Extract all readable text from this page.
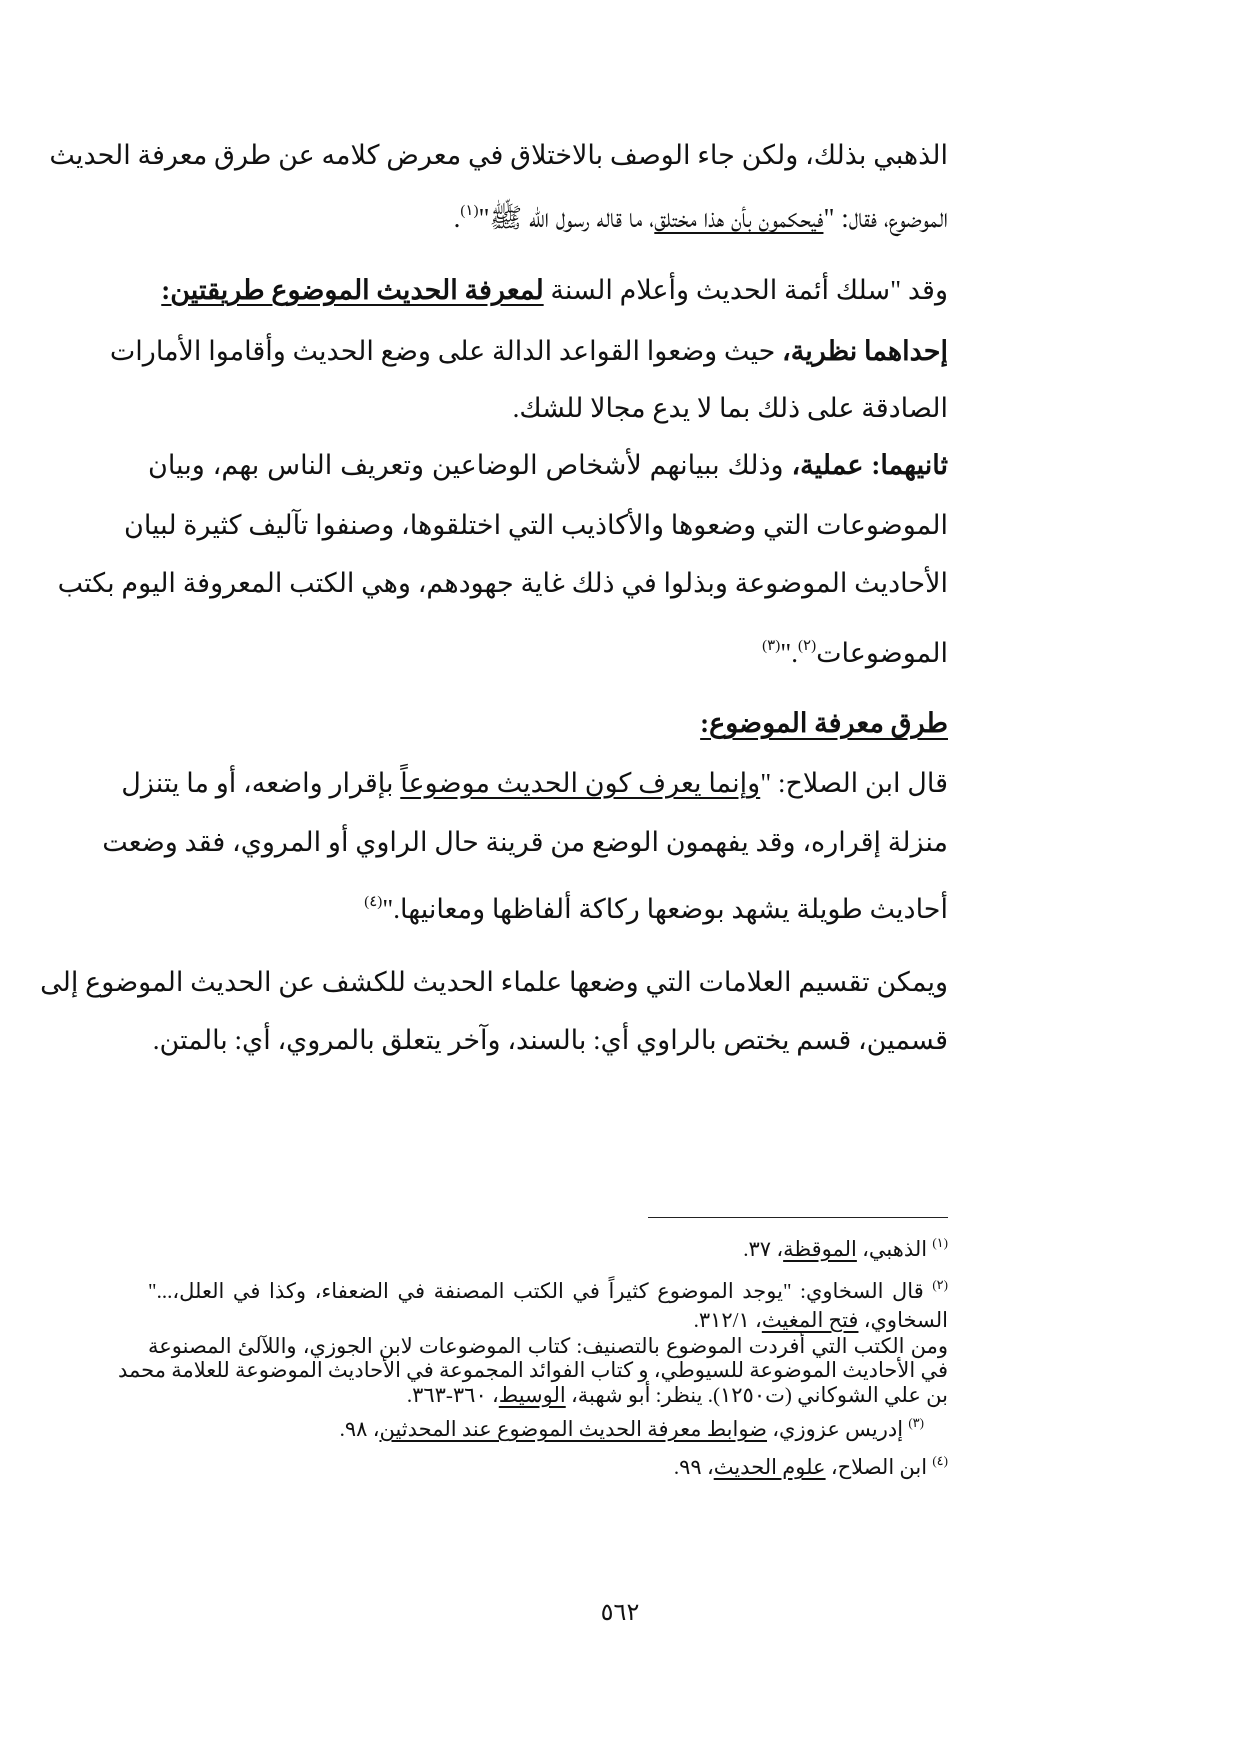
الذهبي بذلك، ولكن جاء الوصف بالاختلاق في معرض كلامه عن طرق معرفة الحديث
الموضوع، فقال: "فيحكمون بأن هذا مختلق، ما قاله رسول الله ﷺ"$^{(١)}$.
وقد "سلك أئمة الحديث وأعلام السنة لمعرفة الحديث الموضوع طريقتين:
إحداهما نظرية، حيث وضعوا القواعد الدالة على وضع الحديث وأقاموا الأمارات
الصادقة على ذلك بما لا يدع مجالا للشك.
ثانيهما: عملية، وذلك ببيانهم لأشخاص الوضاعين وتعريف الناس بهم، وبيان
الموضوعات التي وضعوها والأكاذيب التي اختلقوها، وصنفوا تآليف كثيرة لبيان
الأحاديث الموضوعة وبذلوا في ذلك غاية جهودهم، وهي الكتب المعروفة اليوم بكتب
الموضوعات$^{(٢)}$."$^{(٣)}$
طرق معرفة الموضوع:
قال ابن الصلاح: "وإنما يعرف كون الحديث موضوعاً بإقرار واضعه، أو ما يتنزل
منزلة إقراره، وقد يفهمون الوضع من قرينة حال الراوي أو المروي، فقد وضعت
أحاديث طويلة يشهد بوضعها ركاكة ألفاظها ومعانيها."$^{(٤)}$
ويمكن تقسيم العلامات التي وضعها علماء الحديث للكشف عن الحديث الموضوع إلى
قسمين، قسم يختص بالراوي أي: بالسند، وآخر يتعلق بالمروي، أي: بالمتن.
$^{(١)}$ الذهبي، الموقظة، ٣٧.
$^{(٢)}$ قال السخاوي: "يوجد الموضوع كثيراً في الكتب المصنفة في الضعفاء، وكذا في العلل،..."
السخاوي، فتح المغيث، ٣١٢/١.
ومن الكتب التي أفردت الموضوع بالتصنيف: كتاب الموضوعات لابن الجوزي، واللآلئ المصنوعة
في الأحاديث الموضوعة للسيوطي، و كتاب الفوائد المجموعة في الأحاديث الموضوعة للعلامة محمد
بن علي الشوكاني (ت١٢٥٠). ينظر: أبو شهبة، الوسيط، ٣٦٠-٣٦٣.
$^{(٣)}$ إدريس عزوزي، ضوابط معرفة الحديث الموضوع عند المحدثين، ٩٨.
$^{(٤)}$ ابن الصلاح، علوم الحديث، ٩٩.
٥٦٢
